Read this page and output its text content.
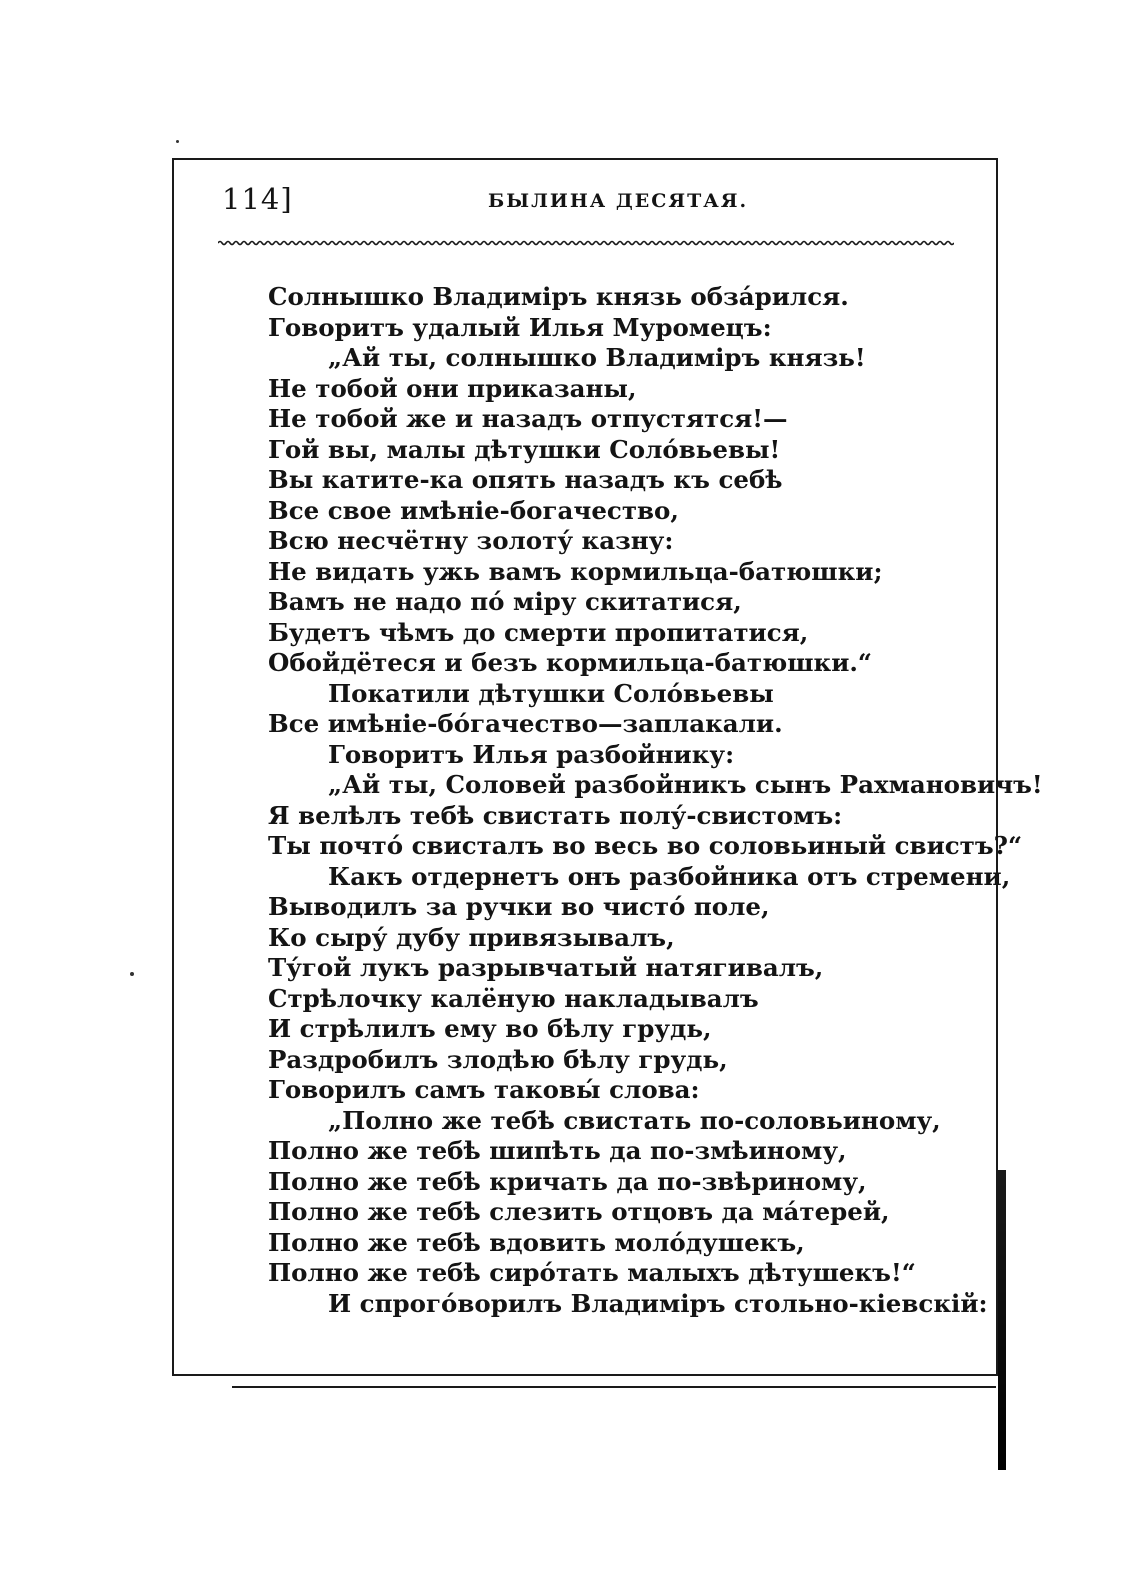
114]	БЫЛИНА ДЕСЯТАЯ.
Солнышко Владиміръ князь обза́рился.
Говоритъ удалый Илья Муромецъ:
„Ай ты, солнышко Владиміръ князь!
Не тобой они приказаны,
Не тобой же и назадъ отпустятся!—
Гой вы, малы дѣтушки Соло́вьевы!
Вы катите-ка опять назадъ къ себѣ
Все свое имѣніе-богачество,
Всю несчётну золоту́ казну:
Не видать ужь вамъ кормильца-батюшки;
Вамъ не надо по́ міру скитатися,
Будетъ чѣмъ до смерти пропитатися,
Обойдётеся и безъ кормильца-батюшки.“
Покатили дѣтушки Соло́вьевы
Все имѣніе-бо́гачество—заплакали.
Говоритъ Илья разбойнику:
„Ай ты, Соловей разбойникъ сынъ Рахмановичъ!
Я велѣлъ тебѣ свистать полу́-свистомъ:
Ты почто́ свисталъ во весь во соловьиный свистъ?“
Какъ отдернетъ онъ разбойника отъ стремени,
Выводилъ за ручки во чисто́ поле,
Ко сыру́ дубу привязывалъ,
Ту́гой лукъ разрывчатый натягивалъ,
Стрѣлочку калёную накладывалъ
И стрѣлилъ ему во бѣлу грудь,
Раздробилъ злодѣю бѣлу грудь,
Говорилъ самъ таковы́ слова:
„Полно же тебѣ свистать по-соловьиному,
Полно же тебѣ шипѣть да по-змѣиному,
Полно же тебѣ кричать да по-звѣриному,
Полно же тебѣ слезить отцовъ да ма́терей,
Полно же тебѣ вдовить моло́душекъ,
Полно же тебѣ сиро́тать малыхъ дѣтушекъ!“
И спрого́ворилъ Владиміръ стольно-кіевскій:
